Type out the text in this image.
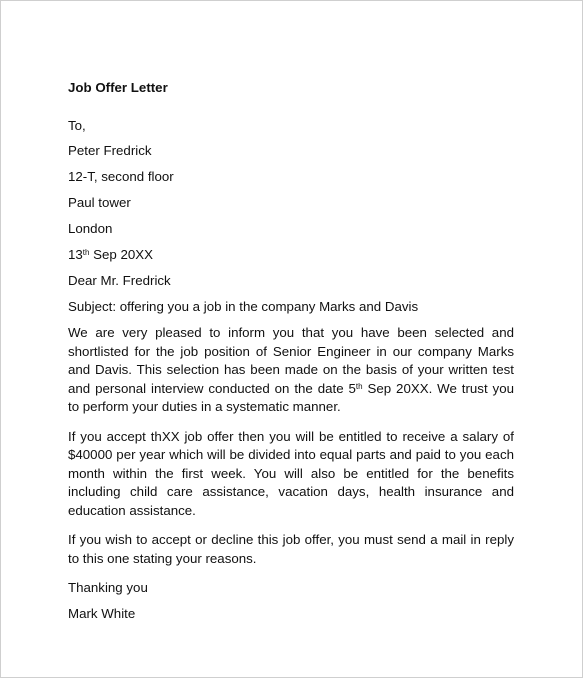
Job Offer Letter
To,
Peter Fredrick
12-T, second floor
Paul tower
London
13th Sep 20XX
Dear Mr. Fredrick
Subject: offering you a job in the company Marks and Davis
We are very pleased to inform you that you have been selected and shortlisted for the job position of Senior Engineer in our company Marks and Davis. This selection has been made on the basis of your written test and personal interview conducted on the date 5th Sep 20XX. We trust you to perform your duties in a systematic manner.
If you accept thXX job offer then you will be entitled to receive a salary of $40000 per year which will be divided into equal parts and paid to you each month within the first week. You will also be entitled for the benefits including child care assistance, vacation days, health insurance and education assistance.
If you wish to accept or decline this job offer, you must send a mail in reply to this one stating your reasons.
Thanking you
Mark White
